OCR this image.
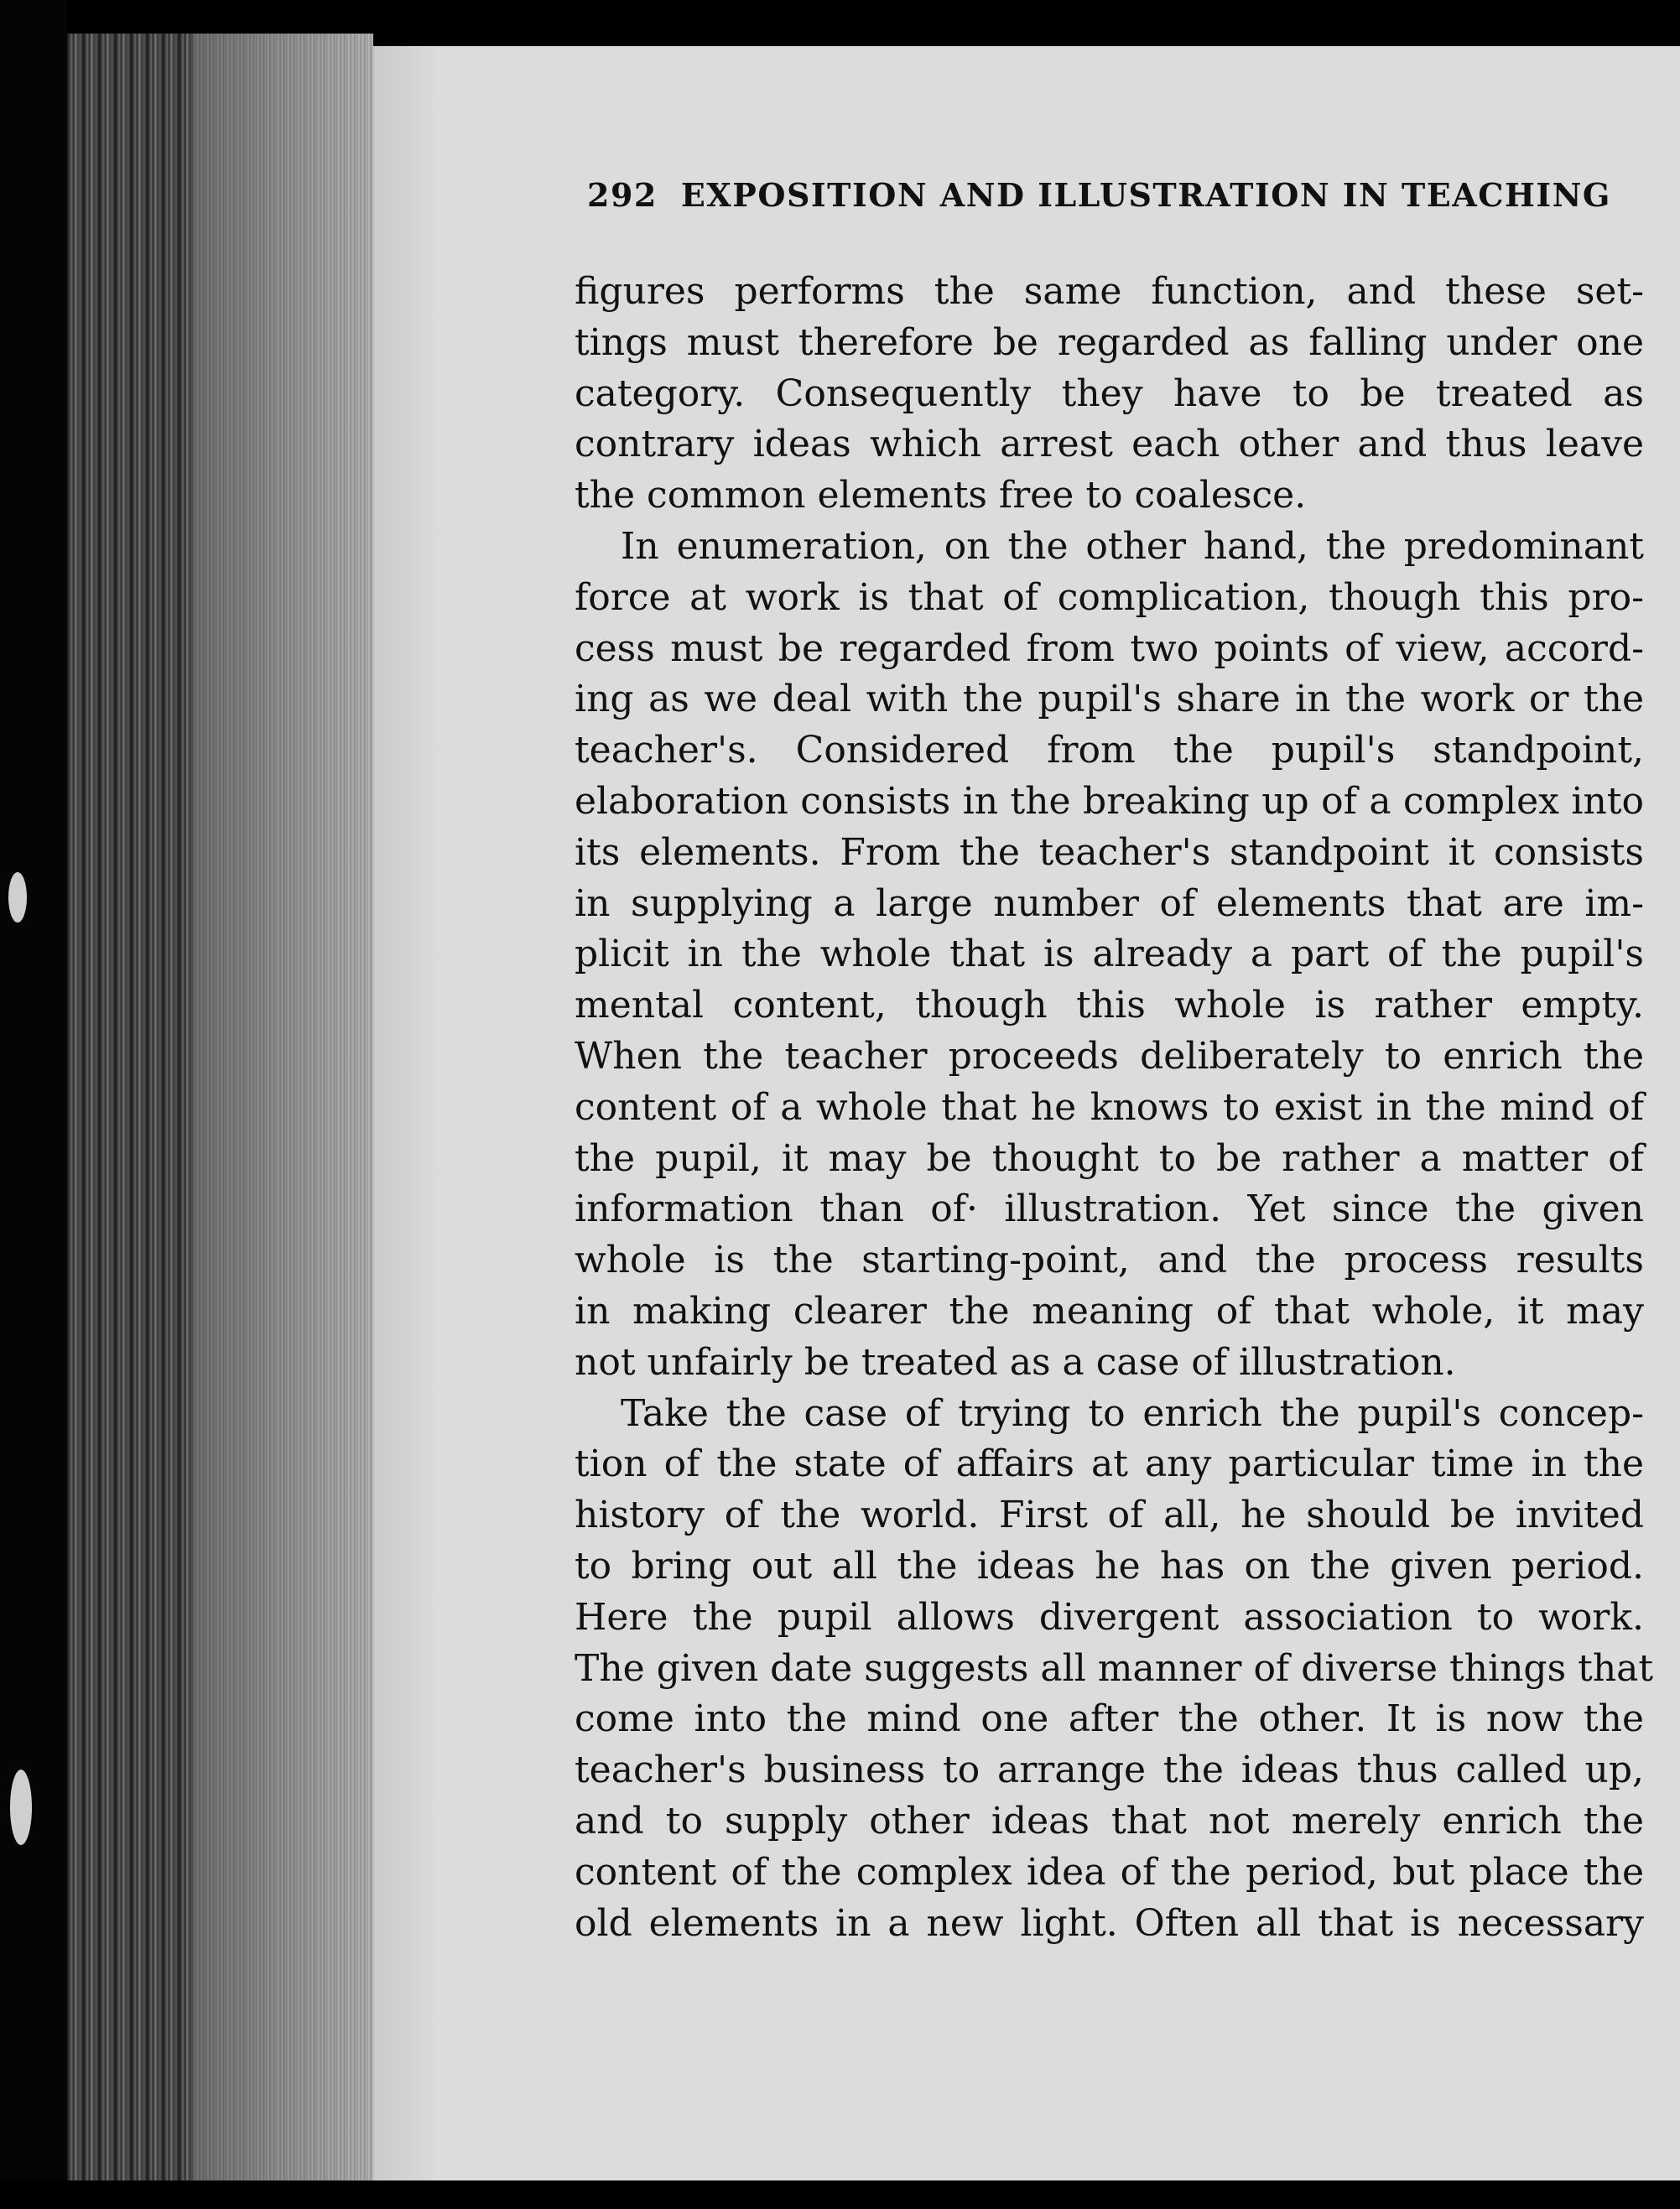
292 EXPOSITION AND ILLUSTRATION IN TEACHING

figures performs the same function, and these set-
tings must therefore be regarded as falling under one
category. Consequently they have to be treated as
contrary ideas which arrest each other and thus leave
the common elements free to coalesce.

In enumeration, on the other hand, the predominant
force at work is that of complication, though this pro-
cess must be regarded from two points of view, accord-
ing as we deal with the pupil's share in the work or the
teacher's. Considered from the pupil's standpoint,
elaboration consists in the breaking up of a complex into
its elements. From the teacher's standpoint it consists
in supplying a large number of elements that are im-
plicit in the whole that is already a part of the pupil's
mental content, though this whole is rather empty.
When the teacher proceeds deliberately to enrich the
content of a whole that he knows to exist in the mind of
the pupil, it may be thought to be rather a matter of
information than of· illustration. Yet since the given
whole is the starting-point, and the process results
in making clearer the meaning of that whole, it may
not unfairly be treated as a case of illustration.

Take the case of trying to enrich the pupil's concep-
tion of the state of affairs at any particular time in the
history of the world. First of all, he should be invited
to bring out all the ideas he has on the given period.
Here the pupil allows divergent association to work.
The given date suggests all manner of diverse things that
come into the mind one after the other. It is now the
teacher's business to arrange the ideas thus called up,
and to supply other ideas that not merely enrich the
content of the complex idea of the period, but place the
old elements in a new light. Often all that is necessary
